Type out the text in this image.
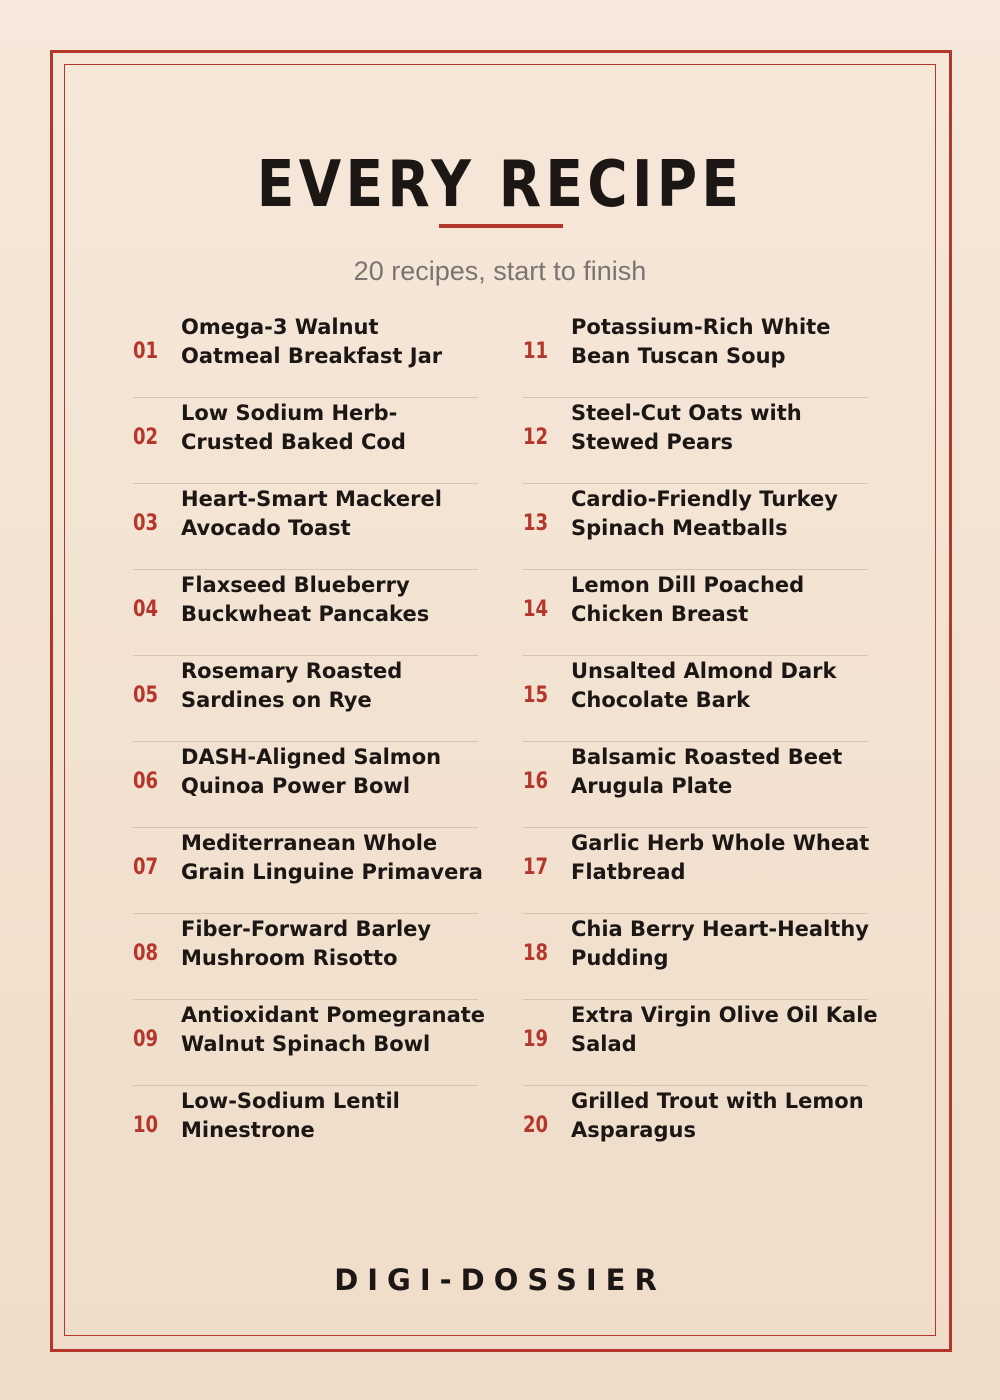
EVERY RECIPE
20 recipes, start to finish
01
Omega-3 Walnut
Oatmeal Breakfast Jar
02
Low Sodium Herb-
Crusted Baked Cod
03
Heart-Smart Mackerel
Avocado Toast
04
Flaxseed Blueberry
Buckwheat Pancakes
05
Rosemary Roasted
Sardines on Rye
06
DASH-Aligned Salmon
Quinoa Power Bowl
07
Mediterranean Whole
Grain Linguine Primavera
08
Fiber-Forward Barley
Mushroom Risotto
09
Antioxidant Pomegranate
Walnut Spinach Bowl
10
Low-Sodium Lentil
Minestrone
11
Potassium-Rich White
Bean Tuscan Soup
12
Steel-Cut Oats with
Stewed Pears
13
Cardio-Friendly Turkey
Spinach Meatballs
14
Lemon Dill Poached
Chicken Breast
15
Unsalted Almond Dark
Chocolate Bark
16
Balsamic Roasted Beet
Arugula Plate
17
Garlic Herb Whole Wheat
Flatbread
18
Chia Berry Heart-Healthy
Pudding
19
Extra Virgin Olive Oil Kale
Salad
20
Grilled Trout with Lemon
Asparagus
DIGI-DOSSIER
